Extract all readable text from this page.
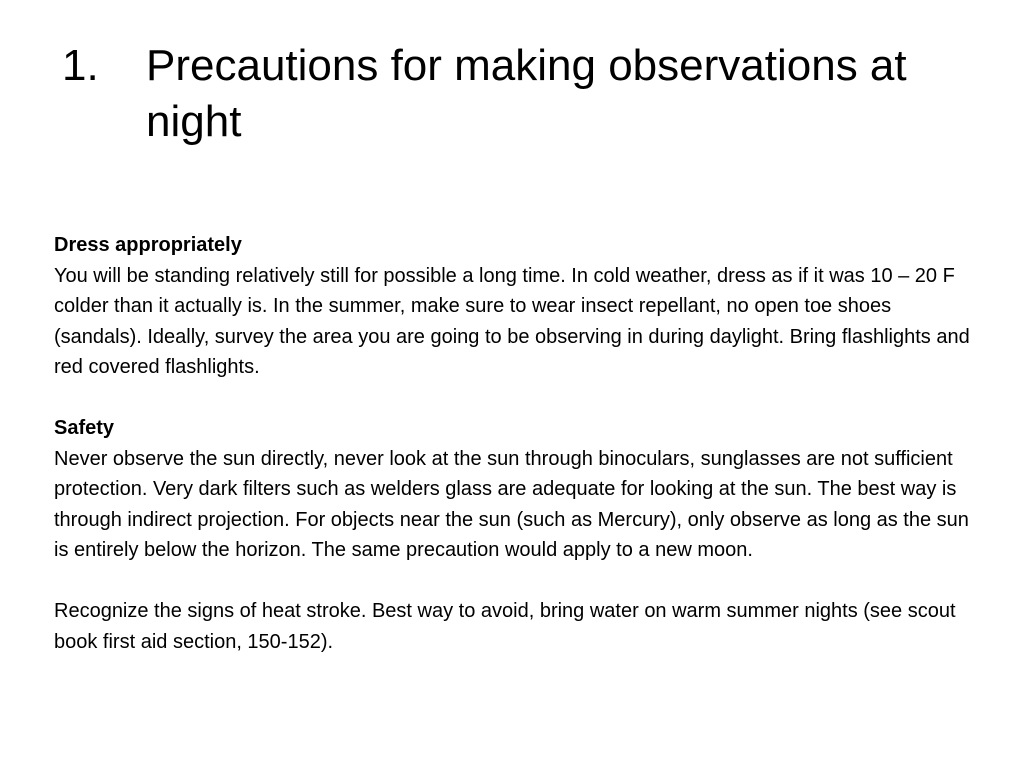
1.	Precautions for making observations at night

Dress appropriately

You will be standing relatively still for possible a long time. In cold weather, dress as if it was 10 – 20 F colder than it actually is. In the summer, make sure to wear insect repellant, no open toe shoes (sandals). Ideally, survey the area you are going to be observing in during daylight. Bring flashlights and red covered flashlights.

Safety

Never observe the sun directly, never look at the sun through binoculars, sunglasses are not sufficient protection. Very dark filters such as welders glass are adequate for looking at the sun. The best way is through indirect projection. For objects near the sun (such as Mercury), only observe as long as the sun is entirely below the horizon. The same precaution would apply to a new moon.

Recognize the signs of heat stroke. Best way to avoid, bring water on warm summer nights (see scout book first aid section, 150-152).
